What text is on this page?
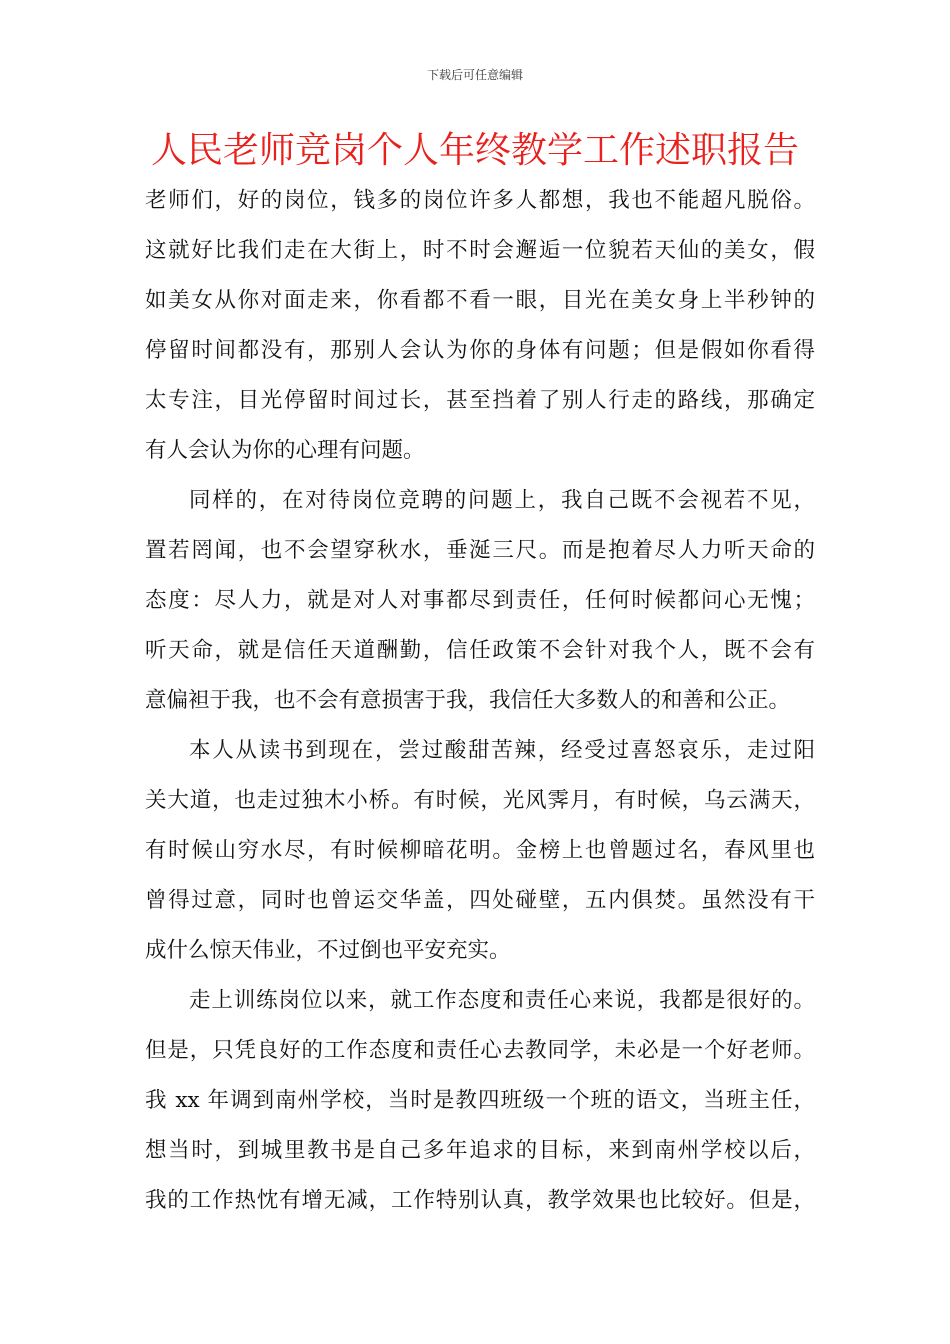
下载后可任意编辑
人民老师竞岗个人年终教学工作述职报告
老师们，好的岗位，钱多的岗位许多人都想，我也不能超凡脱俗。
这就好比我们走在大街上，时不时会邂逅一位貌若天仙的美女，假
如美女从你对面走来，你看都不看一眼，目光在美女身上半秒钟的
停留时间都没有，那别人会认为你的身体有问题；但是假如你看得
太专注，目光停留时间过长，甚至挡着了别人行走的路线，那确定
有人会认为你的心理有问题。
同样的，在对待岗位竞聘的问题上，我自己既不会视若不见，
置若罔闻，也不会望穿秋水，垂涎三尺。而是抱着尽人力听天命的
态度：尽人力，就是对人对事都尽到责任，任何时候都问心无愧；
听天命，就是信任天道酬勤，信任政策不会针对我个人，既不会有
意偏袒于我，也不会有意损害于我，我信任大多数人的和善和公正。
本人从读书到现在，尝过酸甜苦辣，经受过喜怒哀乐，走过阳
关大道，也走过独木小桥。有时候，光风霁月，有时候，乌云满天，
有时候山穷水尽，有时候柳暗花明。金榜上也曾题过名，春风里也
曾得过意，同时也曾运交华盖，四处碰壁，五内俱焚。虽然没有干
成什么惊天伟业，不过倒也平安充实。
走上训练岗位以来，就工作态度和责任心来说，我都是很好的。
但是，只凭良好的工作态度和责任心去教同学，未必是一个好老师。
我 xx 年调到南州学校，当时是教四班级一个班的语文，当班主任，
想当时，到城里教书是自己多年追求的目标，来到南州学校以后，
我的工作热忱有增无减，工作特别认真，教学效果也比较好。但是，
